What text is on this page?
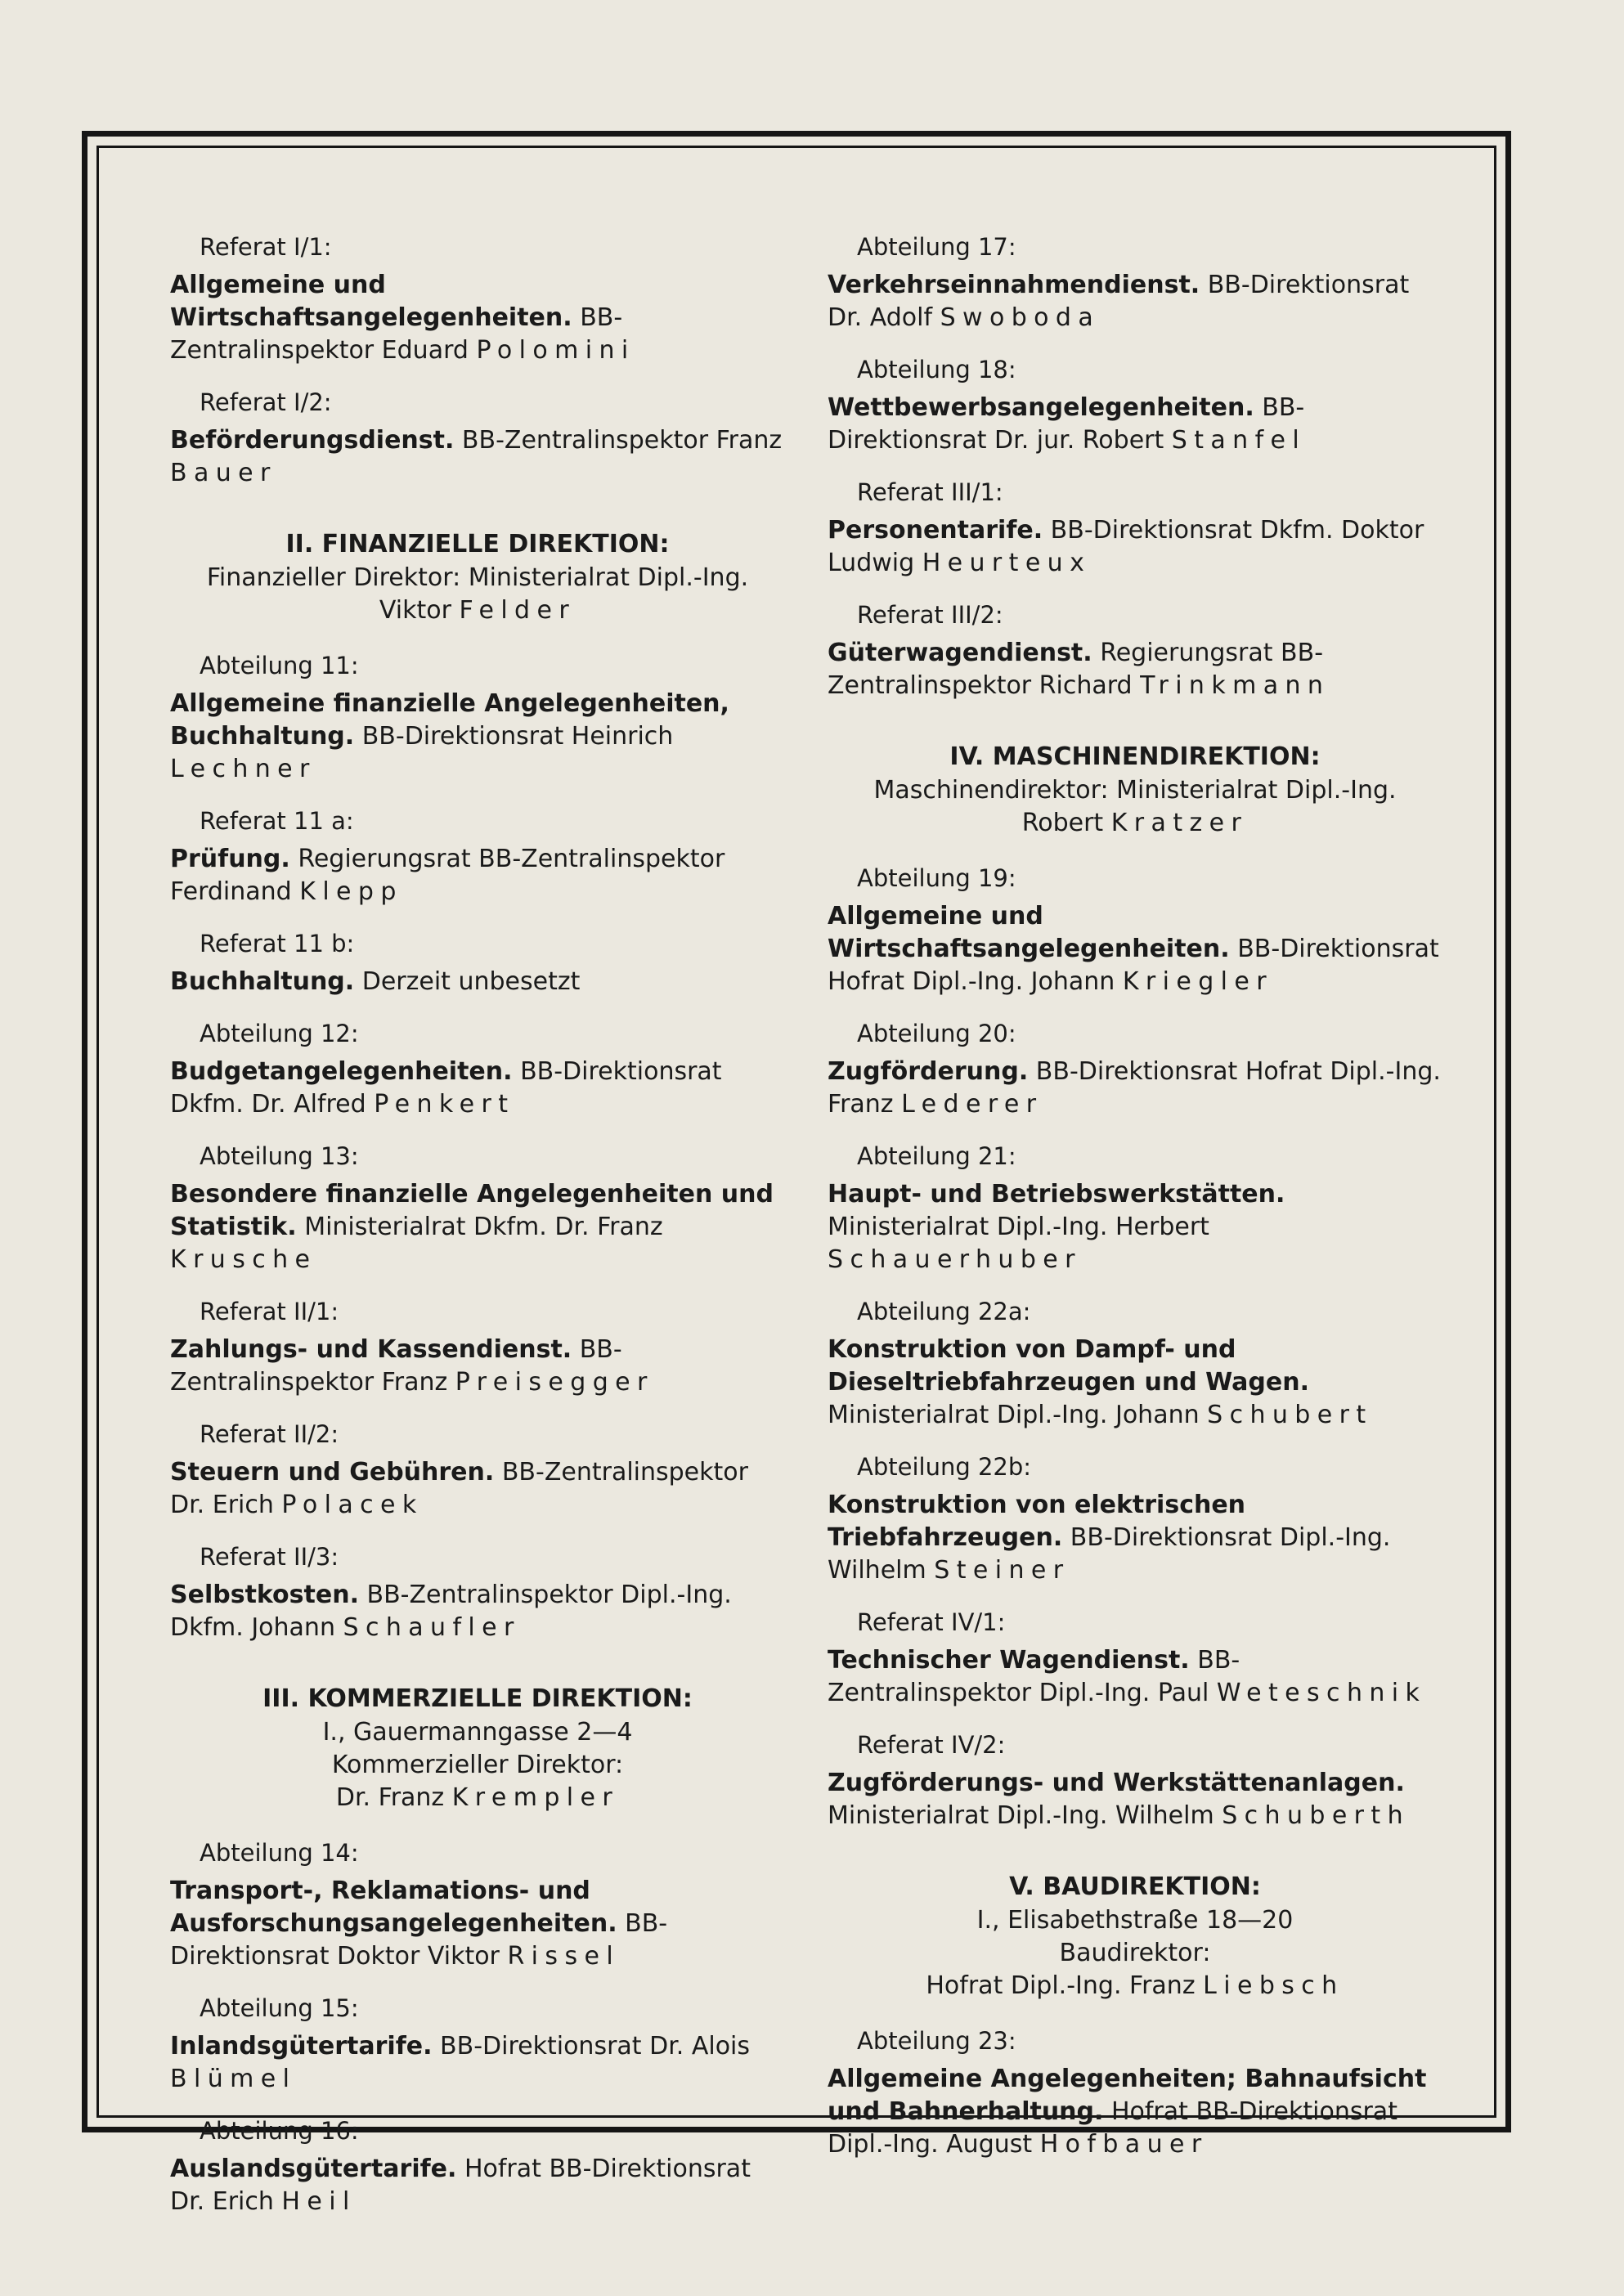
Referat I/1:
Allgemeine und Wirtschaftsangelegenheiten. BB-Zentralinspektor Eduard Polomini
Referat I/2:
Beförderungsdienst. BB-Zentralinspektor Franz Bauer
II. FINANZIELLE DIREKTION:
Finanzieller Direktor: Ministerialrat Dipl.-Ing.
Viktor Felder
Abteilung 11:
Allgemeine finanzielle Angelegenheiten, Buchhaltung. BB-Direktionsrat Heinrich Lechner
Referat 11 a:
Prüfung. Regierungsrat BB-Zentralinspektor Ferdinand Klepp
Referat 11 b:
Buchhaltung. Derzeit unbesetzt
Abteilung 12:
Budgetangelegenheiten. BB-Direktionsrat Dkfm. Dr. Alfred Penkert
Abteilung 13:
Besondere finanzielle Angelegenheiten und Statistik. Ministerialrat Dkfm. Dr. Franz Krusche
Referat II/1:
Zahlungs- und Kassendienst. BB-Zentralinspektor Franz Preisegger
Referat II/2:
Steuern und Gebühren. BB-Zentralinspektor Dr. Erich Polacek
Referat II/3:
Selbstkosten. BB-Zentralinspektor Dipl.-Ing. Dkfm. Johann Schaufler
III. KOMMERZIELLE DIREKTION:
I., Gauermanngasse 2—4
Kommerzieller Direktor:
Dr. Franz Krempler
Abteilung 14:
Transport-, Reklamations- und Ausforschungsangelegenheiten. BB-Direktionsrat Doktor Viktor Rissel
Abteilung 15:
Inlandsgütertarife. BB-Direktionsrat Dr. Alois Blümel
Abteilung 16:
Auslandsgütertarife. Hofrat BB-Direktionsrat Dr. Erich Heil
Abteilung 17:
Verkehrseinnahmendienst. BB-Direktionsrat Dr. Adolf Swoboda
Abteilung 18:
Wettbewerbsangelegenheiten. BB-Direktionsrat Dr. jur. Robert Stanfel
Referat III/1:
Personentarife. BB-Direktionsrat Dkfm. Doktor Ludwig Heurteux
Referat III/2:
Güterwagendienst. Regierungsrat BB-Zentralinspektor Richard Trinkmann
IV. MASCHINENDIREKTION:
Maschinendirektor: Ministerialrat Dipl.-Ing.
Robert Kratzer
Abteilung 19:
Allgemeine und Wirtschaftsangelegenheiten. BB-Direktionsrat Hofrat Dipl.-Ing. Johann Kriegler
Abteilung 20:
Zugförderung. BB-Direktionsrat Hofrat Dipl.-Ing. Franz Lederer
Abteilung 21:
Haupt- und Betriebswerkstätten. Ministerialrat Dipl.-Ing. Herbert Schauerhuber
Abteilung 22a:
Konstruktion von Dampf- und Dieseltriebfahrzeugen und Wagen. Ministerialrat Dipl.-Ing. Johann Schubert
Abteilung 22b:
Konstruktion von elektrischen Triebfahrzeugen. BB-Direktionsrat Dipl.-Ing. Wilhelm Steiner
Referat IV/1:
Technischer Wagendienst. BB-Zentralinspektor Dipl.-Ing. Paul Weteschnik
Referat IV/2:
Zugförderungs- und Werkstättenanlagen. Ministerialrat Dipl.-Ing. Wilhelm Schuberth
V. BAUDIREKTION:
I., Elisabethstraße 18—20
Baudirektor:
Hofrat Dipl.-Ing. Franz Liebsch
Abteilung 23:
Allgemeine Angelegenheiten; Bahnaufsicht und Bahnerhaltung. Hofrat BB-Direktionsrat Dipl.-Ing. August Hofbauer
